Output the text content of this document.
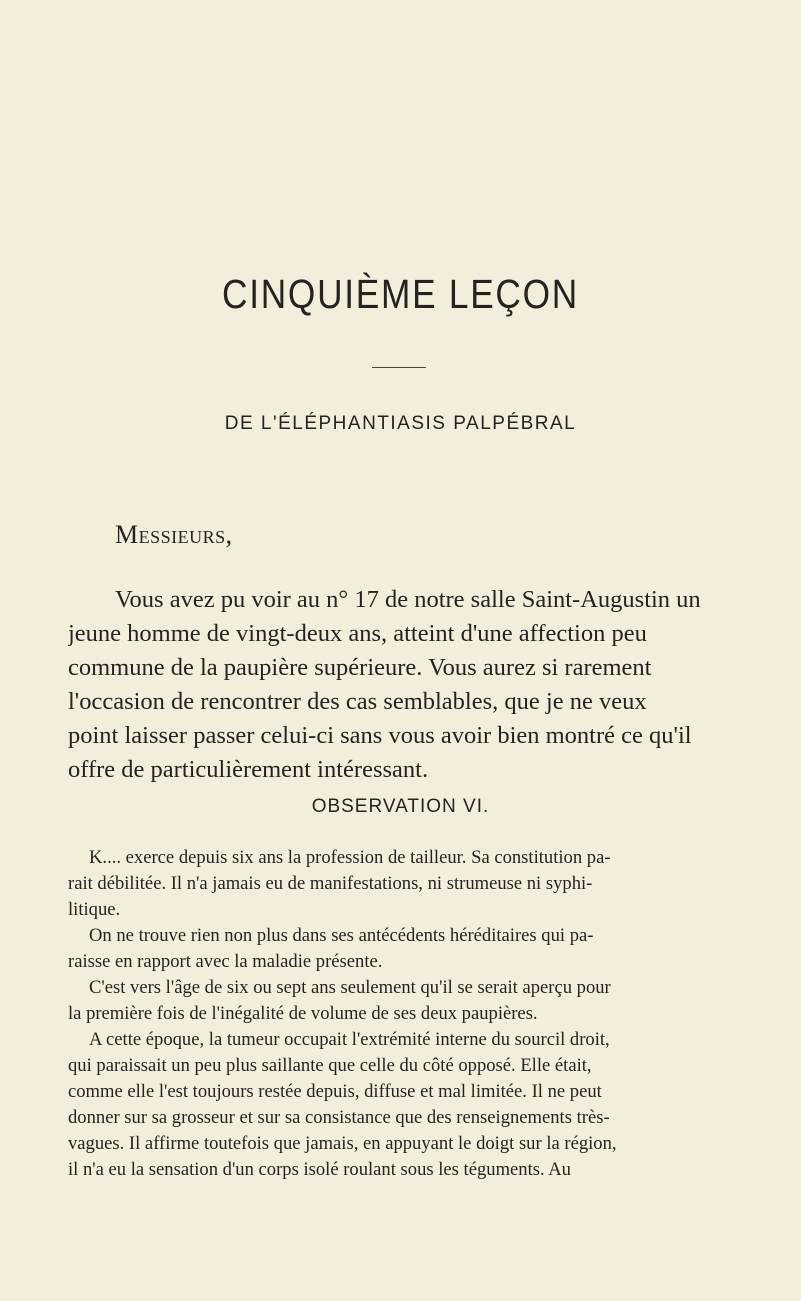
CINQUIÈME LEÇON
DE L'ÉLÉPHANTIASIS PALPÉBRAL

Messieurs,

Vous avez pu voir au n° 17 de notre salle Saint-Augustin un
jeune homme de vingt-deux ans, atteint d'une affection peu
commune de la paupière supérieure. Vous aurez si rarement
l'occasion de rencontrer des cas semblables, que je ne veux
point laisser passer celui-ci sans vous avoir bien montré ce qu'il
offre de particulièrement intéressant.

OBSERVATION VI.

K.... exerce depuis six ans la profession de tailleur. Sa constitution pa-
rait débilitée. Il n'a jamais eu de manifestations, ni strumeuse ni syphi-
litique.
On ne trouve rien non plus dans ses antécédents héréditaires qui pa-
raisse en rapport avec la maladie présente.
C'est vers l'âge de six ou sept ans seulement qu'il se serait aperçu pour
la première fois de l'inégalité de volume de ses deux paupières.
A cette époque, la tumeur occupait l'extrémité interne du sourcil droit,
qui paraissait un peu plus saillante que celle du côté opposé. Elle était,
comme elle l'est toujours restée depuis, diffuse et mal limitée. Il ne peut
donner sur sa grosseur et sur sa consistance que des renseignements très-
vagues. Il affirme toutefois que jamais, en appuyant le doigt sur la région,
il n'a eu la sensation d'un corps isolé roulant sous les téguments. Au
